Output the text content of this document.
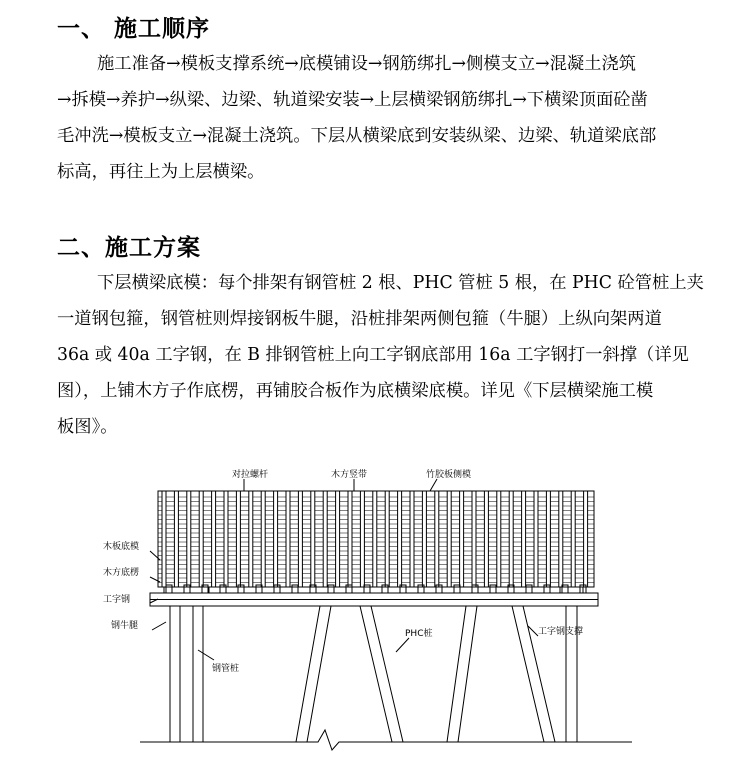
一、 施工顺序

施工准备→模板支撑系统→底模铺设→钢筋绑扎→侧模支立→混凝土浇筑

→拆模→养护→纵梁、边梁、轨道梁安装→上层横梁钢筋绑扎→下横梁顶面砼凿

毛冲洗→模板支立→混凝土浇筑。下层从横梁底到安装纵梁、边梁、轨道梁底部

标高，再往上为上层横梁。

二、施工方案

下层横梁底模：每个排架有钢管桩 2 根、PHC 管桩 5 根，在 PHC 砼管桩上夹

一道钢包箍，钢管桩则焊接钢板牛腿，沿桩排架两侧包箍（牛腿）上纵向架两道

36a 或 40a 工字钢，在 B 排钢管桩上向工字钢底部用 16a 工字钢打一斜撑（详见

图），上铺木方子作底楞，再铺胶合板作为底横梁底模。详见《下层横梁施工模

板图》。

对拉螺杆	木方竖带	竹胶板侧模
木板底模
木方底楞
工字钢
钢牛腿
钢管桩
PHC桩	工字钢支撑
